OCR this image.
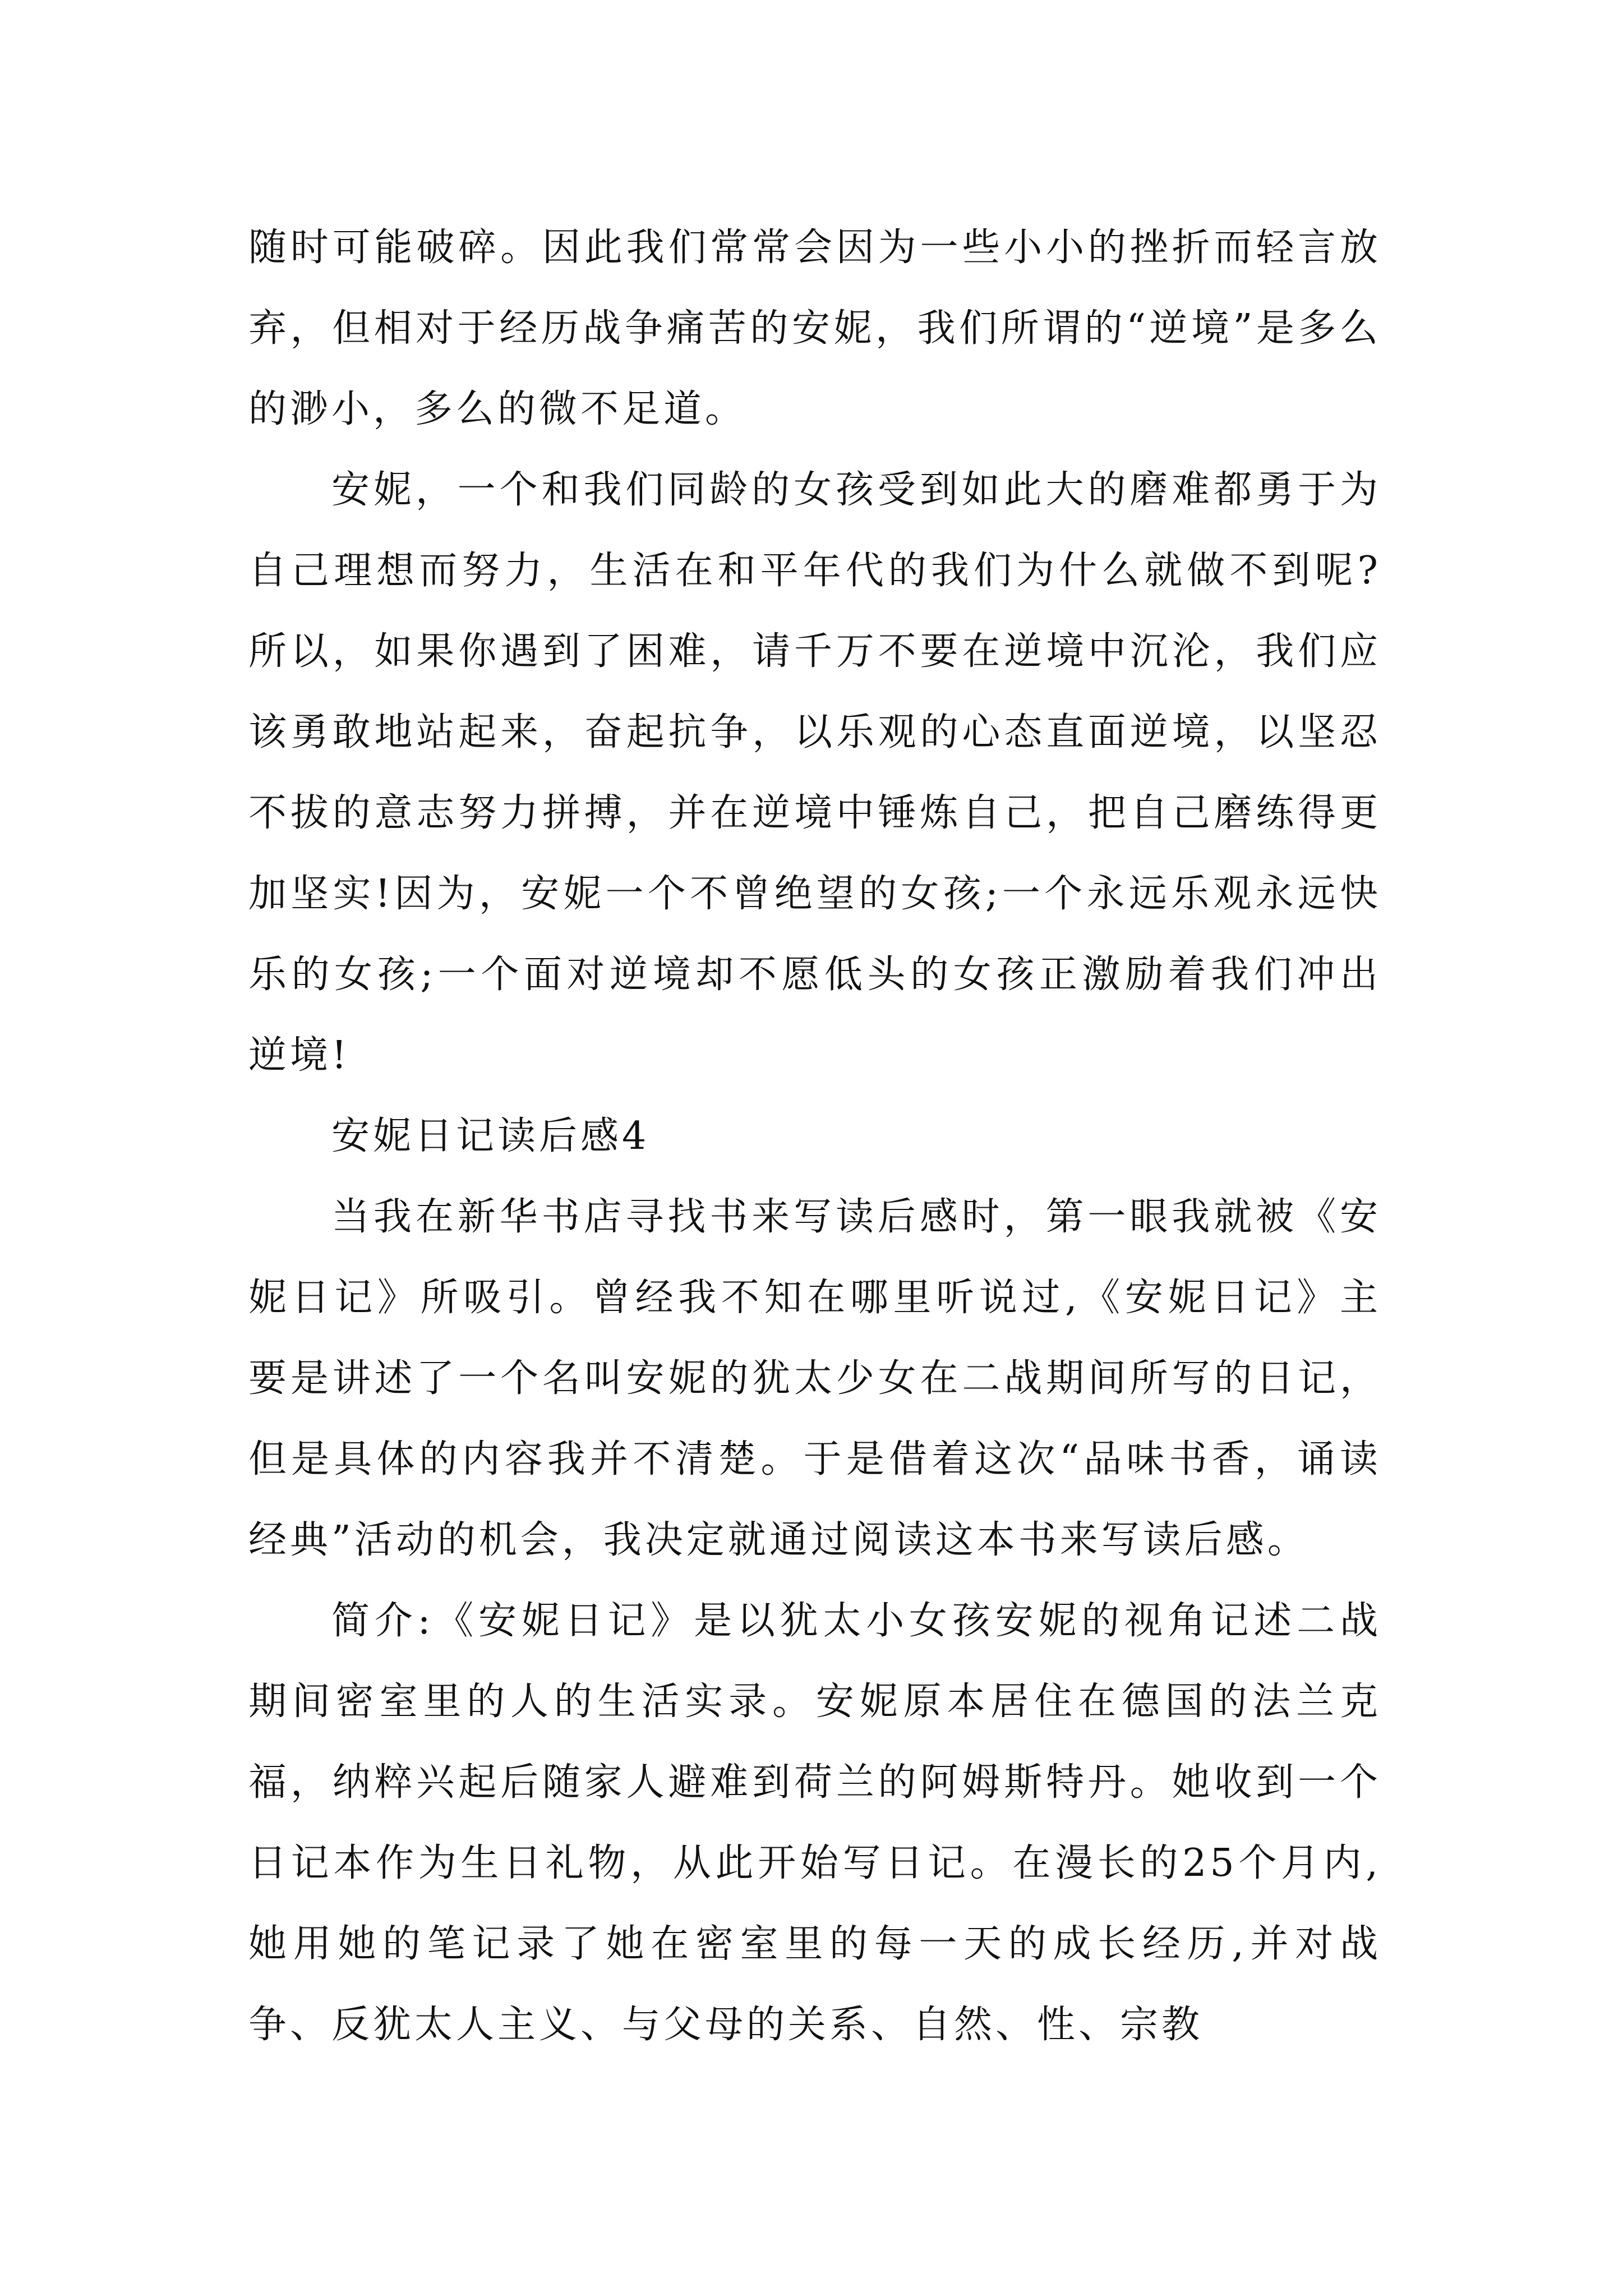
随时可能破碎。因此我们常常会因为一些小小的挫折而轻言放弃，但相对于经历战争痛苦的安妮，我们所谓的“逆境”是多么的渺小，多么的微不足道。

安妮，一个和我们同龄的女孩受到如此大的磨难都勇于为自己理想而努力，生活在和平年代的我们为什么就做不到呢?所以，如果你遇到了困难，请千万不要在逆境中沉沦，我们应该勇敢地站起来，奋起抗争，以乐观的心态直面逆境，以坚忍不拔的意志努力拼搏，并在逆境中锤炼自己，把自己磨练得更加坚实!因为，安妮一个不曾绝望的女孩;一个永远乐观永远快乐的女孩;一个面对逆境却不愿低头的女孩正激励着我们冲出逆境!

安妮日记读后感4

当我在新华书店寻找书来写读后感时，第一眼我就被《安妮日记》所吸引。曾经我不知在哪里听说过,《安妮日记》主要是讲述了一个名叫安妮的犹太少女在二战期间所写的日记，但是具体的内容我并不清楚。于是借着这次“品味书香，诵读经典”活动的机会，我决定就通过阅读这本书来写读后感。

简介:《安妮日记》是以犹太小女孩安妮的视角记述二战期间密室里的人的生活实录。安妮原本居住在德国的法兰克福，纳粹兴起后随家人避难到荷兰的阿姆斯特丹。她收到一个日记本作为生日礼物，从此开始写日记。在漫长的25个月内,她用她的笔记录了她在密室里的每一天的成长经历,并对战争、反犹太人主义、与父母的关系、自然、性、宗教
